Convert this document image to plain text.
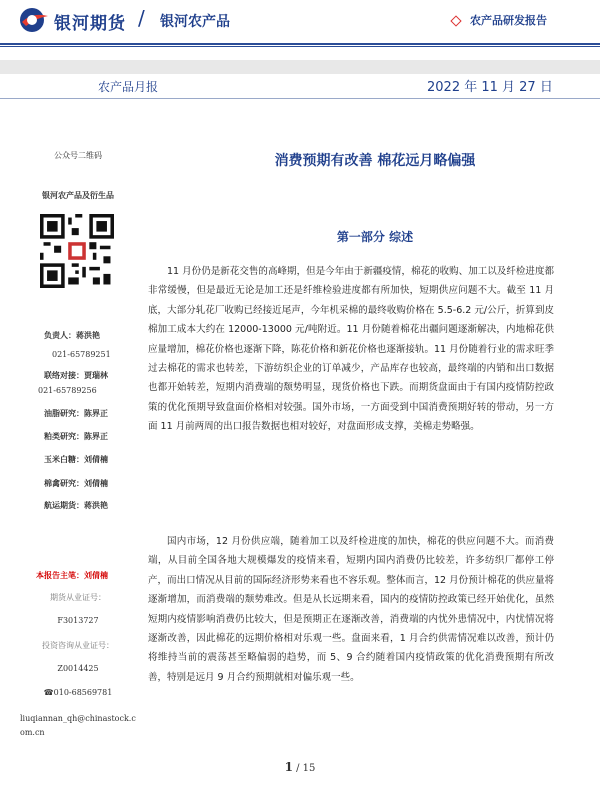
银河期货 / 银河农产品	农产品研发报告
农产品月报	2022 年 11 月 27 日
公众号二维码
银河农产品及衍生品
负责人：蒋洪艳
021-65789251
联络对接：贾瑞林
021-65789256
油脂研究：陈界正
粕类研究：陈界正
玉米白糖：刘倩楠
棉禽研究：刘倩楠
航运期货：蒋洪艳
本报告主笔：刘倩楠
期货从业证号：
F3013727
投资咨询从业证号：
Z0014425
☎010-68569781
liuqiannan_qh@chinastock.com.cn
消费预期有改善 棉花远月略偏强
第一部分 综述

11 月份仍是新花交售的高峰期，但是今年由于新疆疫情，棉花的收购、加工以及纤检进度都非常缓慢，但是最近无论是加工还是纤维检验进度都有所加快，短期供应问题不大。截至 11 月底，大部分轧花厂收购已经接近尾声，今年机采棉的最终收购价格在 5.5-6.2 元/公斤，折算到皮棉加工成本大约在 12000-13000 元/吨附近。11 月份随着棉花出疆问题逐渐解决，内地棉花供应量增加，棉花价格也逐渐下降，陈花价格和新花价格也逐渐接轨。11 月份随着行业的需求旺季过去棉花的需求也转差，下游纺织企业的订单减少，产品库存也较高，最终端的内销和出口数据也都开始转差，短期内消费端的颓势明显，现货价格也下跌。而期货盘面由于有国内疫情防控政策的优化预期导致盘面价格相对较强。国外市场，一方面受到中国消费预期好转的带动，另一方面 11 月前两周的出口报告数据也相对较好，对盘面形成支撑，美棉走势略强。

国内市场，12 月份供应端，随着加工以及纤检进度的加快，棉花的供应问题不大。而消费端，从目前全国各地大规模爆发的疫情来看，短期内国内消费仍比较差，许多纺织厂都停工停产，而出口情况从目前的国际经济形势来看也不容乐观。整体而言，12 月份预计棉花的供应量将逐渐增加，而消费端的颓势难改。但是从长远期来看，国内的疫情防控政策已经开始优化，虽然短期内疫情影响消费仍比较大，但是预期正在逐渐改善，消费端的内忧外患情况中，内忧情况将逐渐改善，因此棉花的远期价格相对乐观一些。盘面来看，1 月合约供需情况难以改善，预计仍将维持当前的震荡甚至略偏弱的趋势，而 5、9 合约随着国内疫情政策的优化消费预期有所改善，特别是远月 9 月合约预期就相对偏乐观一些。

1 / 15
